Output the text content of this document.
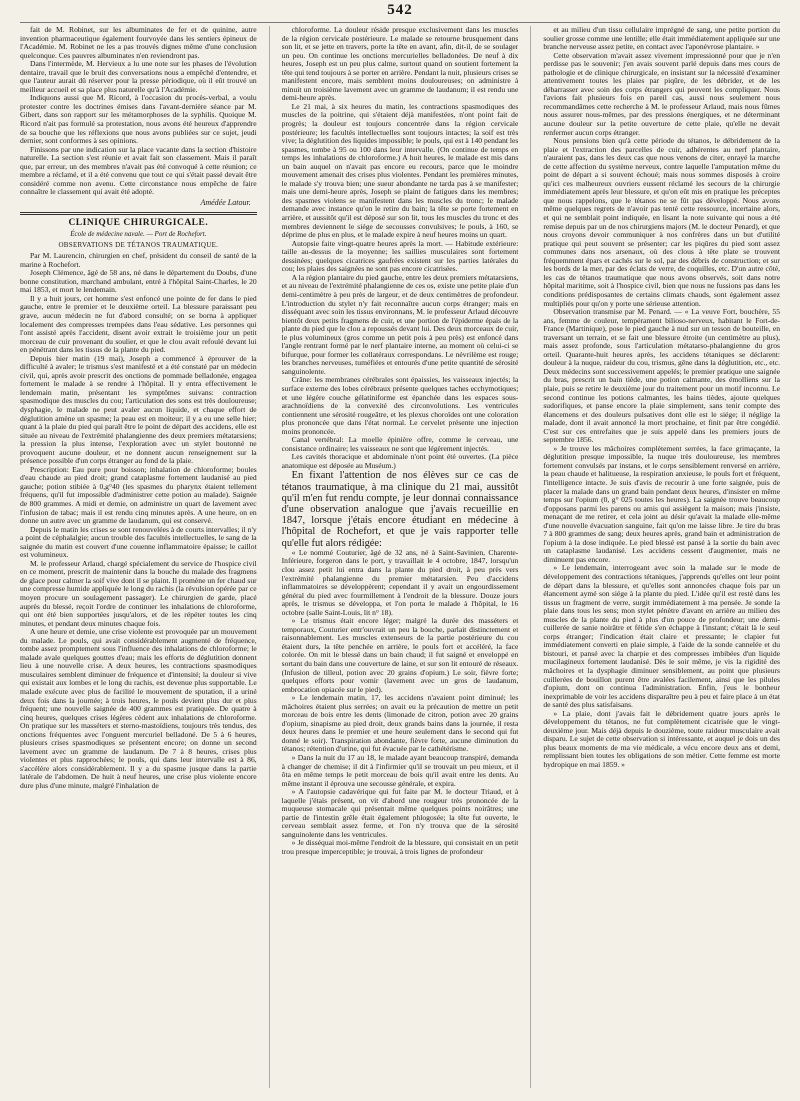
542

fait de M. Robinet, sur les albuminates de fer et de quinine, autre invention pharmaceutique également fourvoyée dans les sentiers épineux de l'Académie. M. Robinet ne les a pas trouvés dignes même d'une conclusion quelconque. Ces pauvres albuminates n'en reviendront pas.

Dans l'intermède, M. Hervieux a lu une note sur les phases de l'évolution dentaire, travail que le bruit des conversations nous a empêché d'entendre, et que l'auteur aurait dû réserver pour la presse périodique, où il eût trouvé un meilleur accueil et sa place plus naturelle qu'à l'Académie.

Indiquons aussi que M. Ricord, à l'occasion du procès-verbal, a voulu protester contre les doctrines émises dans l'avant-dernière séance par M. Gibert, dans son rapport sur les métamorphoses de la syphilis. Quoique M. Ricord n'ait pas formulé sa protestation, nous avons été heureux d'apprendre de sa bouche que les réflexions que nous avons publiées sur ce sujet, jeudi dernier, sont conformes à ses opinions.

Finissons par une indication sur la place vacante dans la section d'histoire naturelle. La section s'est réunie et avait fait son classement. Mais il paraît que, par erreur, un des membres n'avait pas été convoqué à cette réunion; ce membre a réclamé, et il a été convenu que tout ce qui s'était passé devait être considéré comme non avenu. Cette circonstance nous empêche de faire connaître le classement qui avait été adopté.

Amédée Latour.
CLINIQUE CHIRURGICALE.
École de médecine navale. — Port de Rochefort.
OBSERVATIONS DE TÉTANOS TRAUMATIQUE.

Par M. Laurencin, chirurgien en chef, président du conseil de santé de la marine à Rochefort.

Joseph Clémence, âgé de 58 ans, né dans le département du Doubs, d'une bonne constitution, marchand ambulant, entré à l'hôpital Saint-Charles, le 20 mai 1853, et mort le lendemain.

Il y a huit jours, cet homme s'est enfoncé une pointe de fer dans le pied gauche, entre le premier et le deuxième orteil. La blessure paraissant peu grave, aucun médecin ne fut d'abord consulté; on se borna à appliquer localement des compresses trempées dans l'eau sédative. Les personnes qui l'ont assisté après l'accident, disent avoir extrait le troisième jour un petit morceau de cuir provenant du soulier, et que le clou avait refoulé devant lui en pénétrant dans les tissus de la plante du pied.

Depuis hier matin (19 mai), Joseph a commencé à éprouver de la difficulté à avaler; le trismus s'est manifesté et a été constaté par un médecin civil, qui, après avoir prescrit des onctions de pommade belladonée, engagea fortement le malade à se rendre à l'hôpital. Il y entra effectivement le lendemain matin, présentant les symptômes suivans: contraction spasmodique des muscles du cou; l'articulation des sons est très douloureuse; dysphagie, le malade ne peut avaler aucun liquide, et chaque effort de déglutition amène un spasme; la peau est en moiteur; il y a eu une selle hier; quant à la plaie du pied qui paraît être le point de départ des accidens, elle est située au niveau de l'extrémité phalangienne des deux premiers métatarsiens; la pression la plus intense, l'exploration avec un stylet boutonné ne provoquent aucune douleur, et ne donnent aucun renseignement sur la présence possible d'un corps étranger au fond de la plaie.

Prescription: Eau pure pour boisson; inhalation de chloroforme; boules d'eau chaude au pied droit; grand cataplasme fortement laudanisé au pied gauche; potion stibiée à 0,g°40 (les spasmes du pharynx étaient tellement fréquens, qu'il fut impossible d'administrer cette potion au malade). Saignée de 800 grammes. A midi et demie, on administre un quart de lavement avec l'infusion de tabac; mais il est rendu cinq minutes après. A une heure, on en donne un autre avec un gramme de laudanum, qui est conservé.

Depuis le matin les crises se sont renouvelées à de courts intervalles; il n'y a point de céphalalgie; aucun trouble des facultés intellectuelles, le sang de la saignée du matin est couvert d'une couenne inflammatoire épaisse; le caillot est volumineux.

M. le professeur Arlaud, chargé spécialement du service de l'hospice civil en ce moment, prescrit de maintenir dans la bouche du malade des fragmens de glace pour calmer la soif vive dont il se plaint. Il promène un fer chaud sur une compresse humide appliquée le long du rachis (la révulsion opérée par ce moyen procure un soulagement passager). Le chirurgien de garde, placé auprès du blessé, reçoit l'ordre de continuer les inhalations de chloroforme, qui ont été bien supportées jusqu'alors, et de les répéter toutes les cinq minutes, et pendant deux minutes chaque fois.

A une heure et demie, une crise violente est provoquée par un mouvement du malade. Le pouls, qui avait considérablement augmenté de fréquence, tombe assez promptement sous l'influence des inhalations de chloroforme; le malade avale quelques gouttes d'eau; mais les efforts de déglutition donnent lieu à une nouvelle crise. A deux heures, les contractions spasmodiques musculaires semblent diminuer de fréquence et d'intensité; la douleur si vive qui existait aux lombes et le long du rachis, est devenue plus supportable. Le malade exécute avec plus de facilité le mouvement de sputation, il a uriné deux fois dans la journée; à trois heures, le pouls devient plus dur et plus fréquent; une nouvelle saignée de 400 grammes est pratiquée. De quatre à cinq heures, quelques crises légères cèdent aux inhalations de chloroforme. On pratique sur les masséters et sterno-mastoïdiens, toujours très tendus, des onctions fréquentes avec l'onguent mercuriel belladoné. De 5 à 6 heures, plusieurs crises spasmodiques se présentent encore; on donne un second lavement avec un gramme de laudanum. De 7 à 8 heures, crises plus violentes et plus rapprochées; le pouls, qui dans leur intervalle est à 86, s'accélère alors considérablement. Il y a du spasme jusque dans la partie latérale de l'abdomen. De huit à neuf heures, une crise plus violente encore dure plus d'une minute, malgré l'inhalation de

chloroforme. La douleur réside presque exclusivement dans les muscles de la région cervicale postérieure. Le malade se retourne brusquement dans son lit, et se jette en travers, porte la tête en avant, afin, dit-il, de se soulager un peu. On continue les onctions mercurielles belladonées. De neuf à dix heures, Joseph est un peu plus calme, surtout quand on soutient fortement la tête qui tend toujours à se porter en arrière. Pendant la nuit, plusieurs crises se manifestent encore, mais semblent moins douloureuses; on administre à minuit un troisième lavement avec un gramme de laudanum; il est rendu une demi-heure après.

Le 21 mai, à six heures du matin, les contractions spasmodiques des muscles de la poitrine, qui s'étaient déjà manifestées, n'ont point fait de progrès; la douleur est toujours concentrée dans la région cervicale postérieure; les facultés intellectuelles sont toujours intactes; la soif est très vive; la déglutition des liquides impossible; le pouls, qui est à 140 pendant les spasmes, tombe à 95 ou 100 dans leur intervalle. (On continue de temps en temps les inhalations de chloroforme.) A huit heures, le malade est mis dans un bain auquel on n'avait pas encore eu recours, parce que le moindre mouvement amenait des crises plus violentes. Pendant les premières minutes, le malade s'y trouva bien; une sueur abondante ne tarda pas à se manifester; mais une demi-heure après, Joseph se plaint de fatigues dans les membres; des spasmes violens se manifestent dans les muscles du tronc; le malade demande avec instance qu'on le retire du bain; la tête se porte fortement en arrière, et aussitôt qu'il est déposé sur son lit, tous les muscles du tronc et des membres deviennent le siége de secousses convulsives; le pouls, à 160, se déprime de plus en plus, et le malade expire à neuf heures moins un quart.

Autopsie faite vingt-quatre heures après la mort. — Habitude extérieure: taille au-dessus de la moyenne; les saillies musculaires sont fortement dessinées; quelques cicatrices gaufrées existent sur les parties latérales du cou; les plaies des saignées ne sont pas encore cicatrisées.

A la région plantaire du pied gauche, entre les deux premiers métatarsiens, et au niveau de l'extrémité phalangienne de ces os, existe une petite plaie d'un demi-centimètre à peu près de largeur, et de deux centimètres de profondeur. L'introduction du stylet n'y fait reconnaître aucun corps étranger; mais en disséquant avec soin les tissus environnans, M. le professeur Arlaud découvre bientôt deux petits fragmens de cuir, et une portion de l'épiderme épais de la plante du pied que le clou a repoussés devant lui. Des deux morceaux de cuir, le plus volumineux (gros comme un petit pois à peu près) est enfoncé dans l'angle rentrant formé par le nerf plantaire interne, au moment où celui-ci se bifurque, pour former les collatéraux correspondans. Le névrilème est rouge; les branches nerveuses, tuméfiées et entourés d'une petite quantité de sérosité sanguinolente.

Crâne: les membranes cérébrales sont épaissies, les vaisseaux injectés; la surface externe des lobes cérébraux présente quelques taches ecchymotiques; et une légère couche gélatiniforme est épanchée dans les espaces sous-arachnoïdiens de la convexité des circonvolutions. Les ventricules contiennent une sérosité rougeâtre, et les plexus choroïdes ont une coloration plus prononcée que dans l'état normal. Le cervelet présente une injection moins prononcée.

Canal vertébral: La moelle épinière offre, comme le cerveau, une consistance ordinaire; les vaisseaux ne sont que légèrement injectés.

Les cavités thoracique et abdominale n'ont point été ouvertes. (La pièce anatomique est déposée au Muséum.)

En fixant l'attention de nos élèves sur ce cas de tétanos traumatique, à ma clinique du 21 mai, aussitôt qu'il m'en fut rendu compte, je leur donnai connaissance d'une observation analogue que j'avais recueillie en 1847, lorsque j'étais encore étudiant en médecine à l'hôpital de Rochefort, et que je vais rapporter telle qu'elle fut alors rédigée:

« Le nommé Couturier, âgé de 32 ans, né à Saint-Savinien, Charente-Inférieure, forgeron dans le port, y travaillait le 4 octobre, 1847, lorsqu'un clou assez petit lui entra dans la plante du pied droit, à peu près vers l'extrémité phalangienne du premier métatarsien. Peu d'accidens inflammatoires se développèrent; cependant il y avait un engourdissement général du pied avec fourmillement à l'endroit de la blessure. Douze jours après, le trismus se développa, et l'on porta le malade à l'hôpital, le 16 octobre (salle Saint-Louis, lit n° 18).

» Le trismus était encore léger; malgré la durée des masséters et temporaux, Couturier entr'ouvrait un peu la bouche, parlait distinctement et raisonnablement. Les muscles extenseurs de la partie postérieure du cou étaient durs, la tête penchée en arrière, le pouls fort et accéléré, la face colorée. On mit le blessé dans un bain chaud; il fut saigné et enveloppé en sortant du bain dans une couverture de laine, et sur son lit entouré de réseaux. (Infusion de tilleul, potion avec 20 grains d'opium.) Le soir, fièvre forte; quelques efforts pour vomir (lavement avec un gros de laudanum, embrocation opiacée sur le pied).

» Le lendemain matin, 17, les accidens n'avaient point diminué; les mâchoires étaient plus serrées; on avait eu la précaution de mettre un petit morceau de bois entre les dents (limonade de citron, potion avec 20 grains d'opium, sinapisme au pied droit, deux grands bains dans la journée, il resta deux heures dans le premier et une heure seulement dans le second qui fut donné le soir). Transpiration abondante, fièvre forte, aucune diminution du tétanos; rétention d'urine, qui fut évacuée par le cathétérisme.

» Dans la nuit du 17 au 18, le malade ayant beaucoup transpiré, demanda à changer de chemise; il dit à l'infirmier qu'il se trouvait un peu mieux, et il ôta en même temps le petit morceau de bois qu'il avait entre les dents. Au même instant il éprouva une secousse générale, et expira.

» A l'autopsie cadavérique qui fut faite par M. le docteur Triaud, et à laquelle j'étais présent, on vit d'abord une rougeur très prononcée de la muqueuse stomacale qui présentait même quelques points noirâtres; une partie de l'intestin grêle était également phlogosée; la tête fut ouverte, le cerveau semblait assez ferme, et l'on n'y trouva que de la sérosité sanguinolente dans les ventricules.

» Je disséquai moi-même l'endroit de la blessure, qui consistait en un petit trou presque imperceptible; je trouvai, à trois lignes de profondeur

et au milieu d'un tissu cellulaire imprégné de sang, une petite portion du soulier grosse comme une lentille; elle était immédiatement appliquée sur une branche nerveuse assez petite, en contact avec l'aponévrose plantaire. »

Cette observation m'avait assez vivement impressionné pour que je n'en perdisse pas le souvenir; j'en avais souvent parlé depuis dans mes cours de pathologie et de clinique chirurgicale, en insistant sur la nécessité d'examiner attentivement toutes les plaies par piqûre, de les débrider, et de les débarrasser avec soin des corps étrangers qui peuvent les compliquer. Nous l'avions fait plusieurs fois en pareil cas, aussi nous seulement nous recommandâmes cette recherche à M. le professeur Arlaud, mais nous fûmes nous assurer nous-mêmes, par des pressions énergiques, et ne déterminant aucune douleur sur la petite ouverture de cette plaie, qu'elle ne devait renfermer aucun corps étranger.

Nous pensions bien qu'à cette période du tétanos, le débridement de la plaie et l'extraction des parcelles de cuir, adhérentes au nerf plantaire, n'auraient pas, dans les deux cas que nous venons de citer, enrayé la marche de cette affection du système nerveux, contre laquelle l'amputation même du point de départ a si souvent échoué; mais nous sommes disposés à croire qu'ici ces malheureux ouvriers eussent réclamé les secours de la chirurgie immédiatement après leur blessure, et qu'on eût mis en pratique les préceptes que nous rappelons, que le tétanos ne se fût pas développé. Nous avons même quelques regrets de n'avoir pas tenté cette ressource, incertaine alors, et qui ne semblait point indiquée, en lisant la note suivante qui nous a été remise depuis par un de nos chirurgiens majors (M. le docteur Penard), et que nous croyons devoir communiquer à nos confrères dans un but d'utilité pratique qui peut souvent se présenter; car les piqûres du pied sont assez communes dans nos arsenaux, où des clous à tête plate se trouvent fréquemment épars et cachés sur le sol, par des débris de construction; et sur les bords de la mer, par des éclats de verre, de coquilles, etc. D'un autre côté, les cas de tétanos traumatique que nous avons observés, soit dans notre hôpital maritime, soit à l'hospice civil, bien que nous ne fussions pas dans les conditions prédisposantes de certains climats chauds, sont également assez multipliés pour qu'on y porte une sérieuse attention.

Observation transmise par M. Penard. — « La veuve Fort, bouchère, 55 ans, femme de couleur, tempérament bilioso-nerveux, habitant le Fort-de-France (Martinique), pose le pied gauche à nud sur un tesson de bouteille, en traversant un terrain, et se fait une blessure étroite (un centimètre au plus), mais assez profonde, sous l'articulation métatarso-phalangienne du gros orteil. Quarante-huit heures après, les accidens tétaniques se déclarent: douleur à la nuque, raideur du cou, trismus, gêne dans la déglutition, etc., etc. Deux médecins sont successivement appelés; le premier pratique une saignée du bras, prescrit un bain tiède, une potion calmante, des émolliens sur la plaie, puis se retire le deuxième jour du traitement pour un motif inconnu. Le second continue les potions calmantes, les bains tièdes, ajoute quelques sudorifiques, et panse encore la plaie simplement, sans tenir compte des élancemens et des douleurs pulsatives dont elle est le siége; il néglige la malade, dont il avait annoncé la mort prochaine, et finit par être congédié. C'est sur ces entrefaites que je suis appelé dans les premiers jours de septembre 1856.

» Je trouve les mâchoires complètement serrées, la face grimaçante, la déglutition presque impossible, la nuque très douloureuse, les membres fortement convulsés par instans, et le corps sensiblement renversé en arrière, la peau chaude et halitueuse, la respiration anxieuse, le pouls fort et fréquent, l'intelligence intacte. Je suis d'avis de recourir à une forte saignée, puis de placer la malade dans un grand bain pendant deux heures, d'insister en même temps sur l'opium (0, g° 025 toutes les heures). La saignée trouve beaucoup d'opposans parmi les parens ou amis qui assiègent la maison; mais j'insiste, menaçant de me retirer, et cela joint au désir qu'avait la malade elle-même d'une nouvelle évacuation sanguine, fait qu'on me laisse libre. Je tire du bras 7 à 800 grammes de sang; deux heures après, grand bain et administration de l'opium à la dose indiquée. Le pied blessé est pansé à la sortie du bain avec un cataplasme laudanisé. Les accidens cessent d'augmenter, mais ne diminuent pas encore.

» Le lendemain, interrogeant avec soin la malade sur le mode de développement des contractions tétaniques, j'apprends qu'elles ont leur point de départ dans la blessure, et qu'elles sont annoncées chaque fois par un élancement aymé son siége à la plante du pied. L'idée qu'il est resté dans les tissus un fragment de verre, surgit immédiatement à ma pensée. Je sonde la plaie dans tous les sens; mon stylet pénètre d'avant en arrière au milieu des muscles de la plante du pied à plus d'un pouce de profondeur; une demi-cuillerée de sanie noirâtre et fétide s'en échappe à l'instant; c'était là le seul corps étranger; l'indication était claire et pressante; le clapier fut immédiatement converti en plaie simple, à l'aide de la sonde cannelée et du bistouri, et pansé avec la charpie et des compresses imbibées d'un liquide mucilagineux fortement laudanisé. Dès le soir même, je vis la rigidité des mâchoires et la dysphagie diminuer sensiblement, au point que plusieurs cuillerées de bouillon purent être avalées facilement, ainsi que les pilules d'opium, dont on continua l'administration. Enfin, j'eus le bonheur inexprimable de voir les accidens disparaître peu à peu et faire place à un état de santé des plus satisfaisans.

» La plaie, dont j'avais fait le débridement quatre jours après le développement du tétanos, ne fut complètement cicatrisée que le vingt-deuxième jour. Mais déjà depuis le douzième, toute raideur musculaire avait disparu. Le sujet de cette observation si intéressante, et auquel je dois un des plus beaux moments de ma vie médicale, a vécu encore deux ans et demi, remplissant bien toutes les obligations de son métier. Cette femme est morte hydropique en mai 1859. »
